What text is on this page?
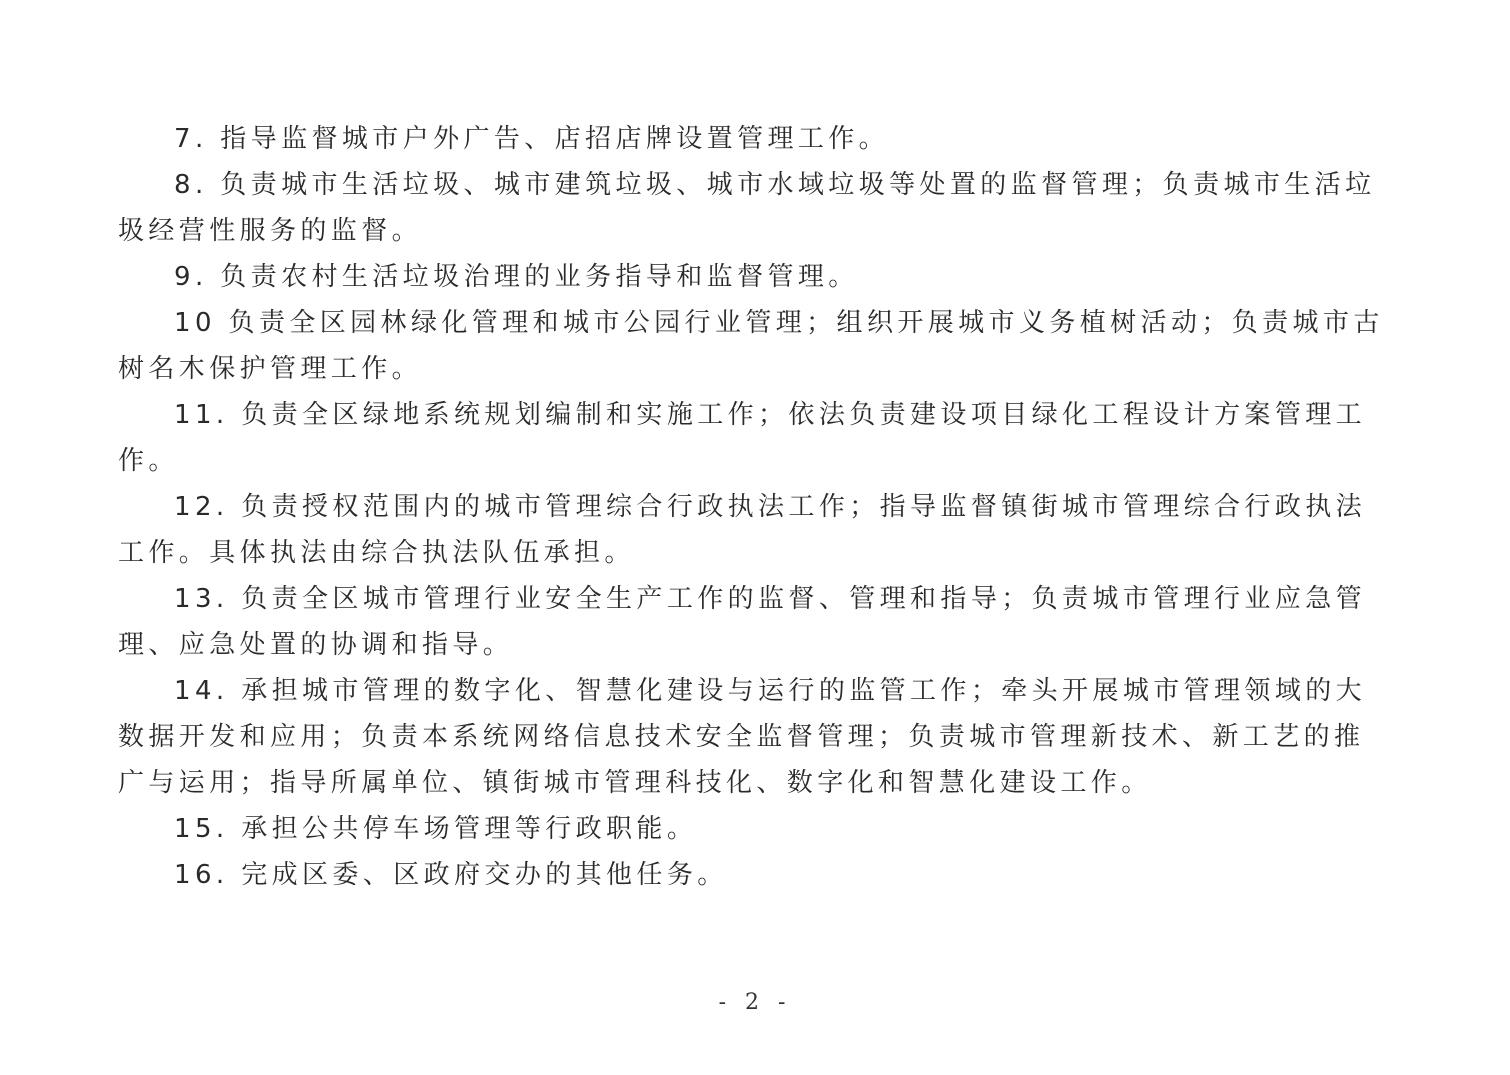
7. 指导监督城市户外广告、店招店牌设置管理工作。

8. 负责城市生活垃圾、城市建筑垃圾、城市水域垃圾等处置的监督管理；负责城市生活垃圾经营性服务的监督。

9. 负责农村生活垃圾治理的业务指导和监督管理。

10 负责全区园林绿化管理和城市公园行业管理；组织开展城市义务植树活动；负责城市古树名木保护管理工作。

11. 负责全区绿地系统规划编制和实施工作；依法负责建设项目绿化工程设计方案管理工作。

12. 负责授权范围内的城市管理综合行政执法工作；指导监督镇街城市管理综合行政执法工作。具体执法由综合执法队伍承担。

13. 负责全区城市管理行业安全生产工作的监督、管理和指导；负责城市管理行业应急管理、应急处置的协调和指导。

14. 承担城市管理的数字化、智慧化建设与运行的监管工作；牵头开展城市管理领域的大数据开发和应用；负责本系统网络信息技术安全监督管理；负责城市管理新技术、新工艺的推广与运用；指导所属单位、镇街城市管理科技化、数字化和智慧化建设工作。

15. 承担公共停车场管理等行政职能。

16. 完成区委、区政府交办的其他任务。

- 2 -
